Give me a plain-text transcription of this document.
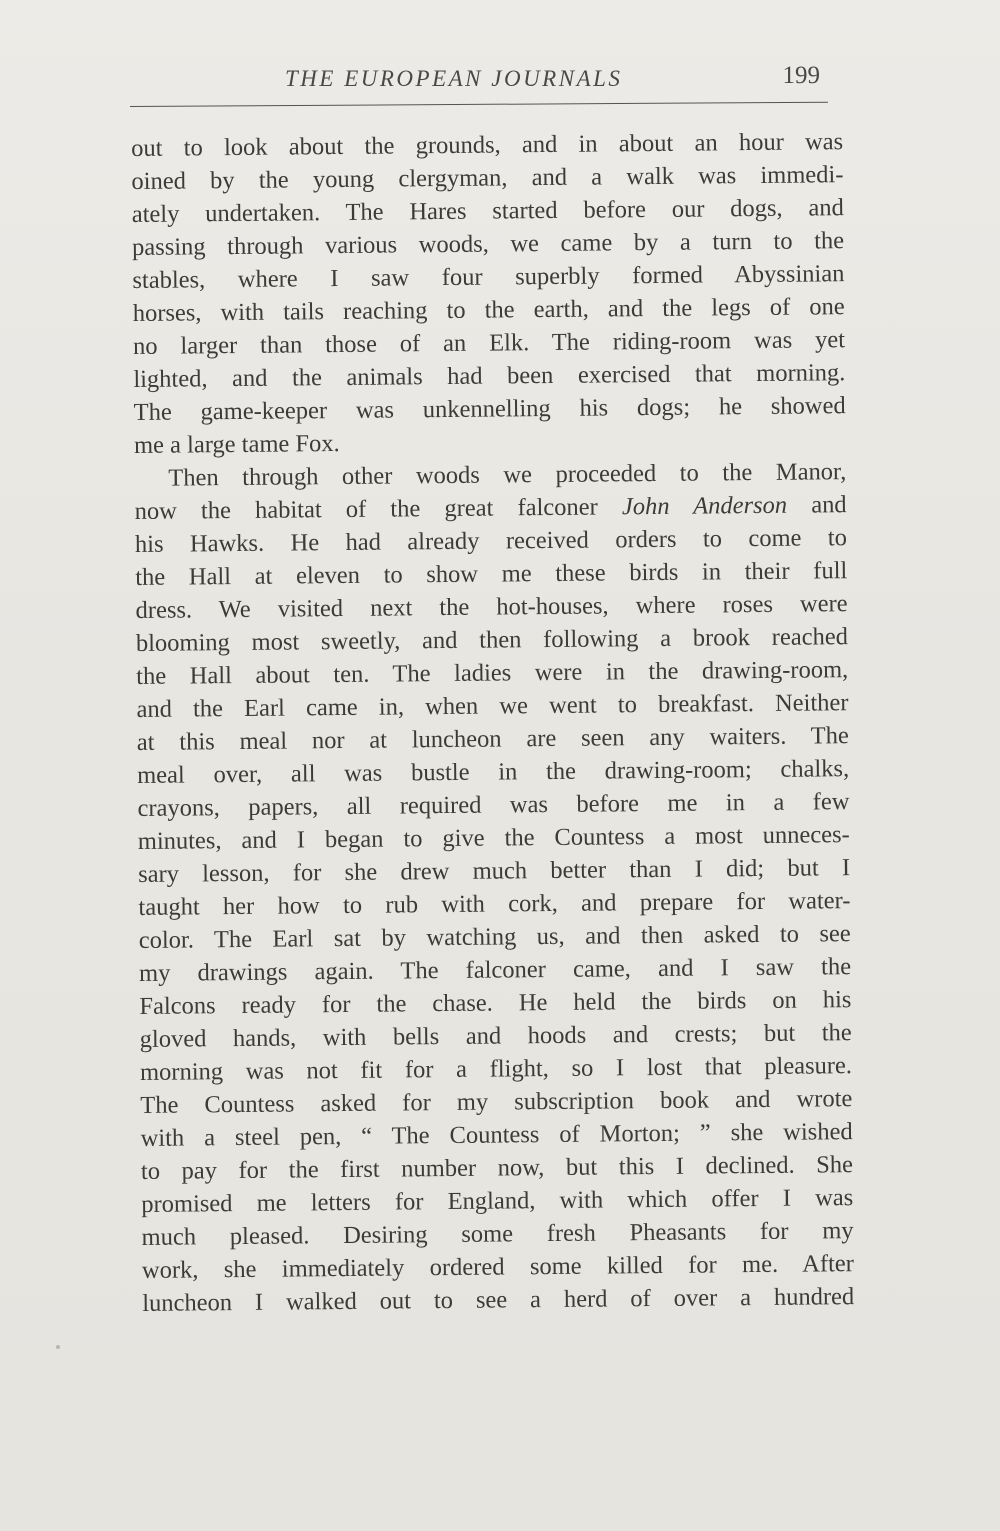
THE EUROPEAN JOURNALS	199
out to look about the grounds, and in about an hour was
oined by the young clergyman, and a walk was immedi-
ately undertaken. The Hares started before our dogs, and
passing through various woods, we came by a turn to the
stables, where I saw four superbly formed Abyssinian
horses, with tails reaching to the earth, and the legs of one
no larger than those of an Elk. The riding-room was yet
lighted, and the animals had been exercised that morning.
The game-keeper was unkennelling his dogs; he showed
me a large tame Fox.
Then through other woods we proceeded to the Manor,
now the habitat of the great falconer John Anderson and
his Hawks. He had already received orders to come to
the Hall at eleven to show me these birds in their full
dress. We visited next the hot-houses, where roses were
blooming most sweetly, and then following a brook reached
the Hall about ten. The ladies were in the drawing-room,
and the Earl came in, when we went to breakfast. Neither
at this meal nor at luncheon are seen any waiters. The
meal over, all was bustle in the drawing-room; chalks,
crayons, papers, all required was before me in a few
minutes, and I began to give the Countess a most unneces-
sary lesson, for she drew much better than I did; but I
taught her how to rub with cork, and prepare for water-
color. The Earl sat by watching us, and then asked to see
my drawings again. The falconer came, and I saw the
Falcons ready for the chase. He held the birds on his
gloved hands, with bells and hoods and crests; but the
morning was not fit for a flight, so I lost that pleasure.
The Countess asked for my subscription book and wrote
with a steel pen, “ The Countess of Morton; ” she wished
to pay for the first number now, but this I declined. She
promised me letters for England, with which offer I was
much pleased. Desiring some fresh Pheasants for my
work, she immediately ordered some killed for me. After
luncheon I walked out to see a herd of over a hundred
